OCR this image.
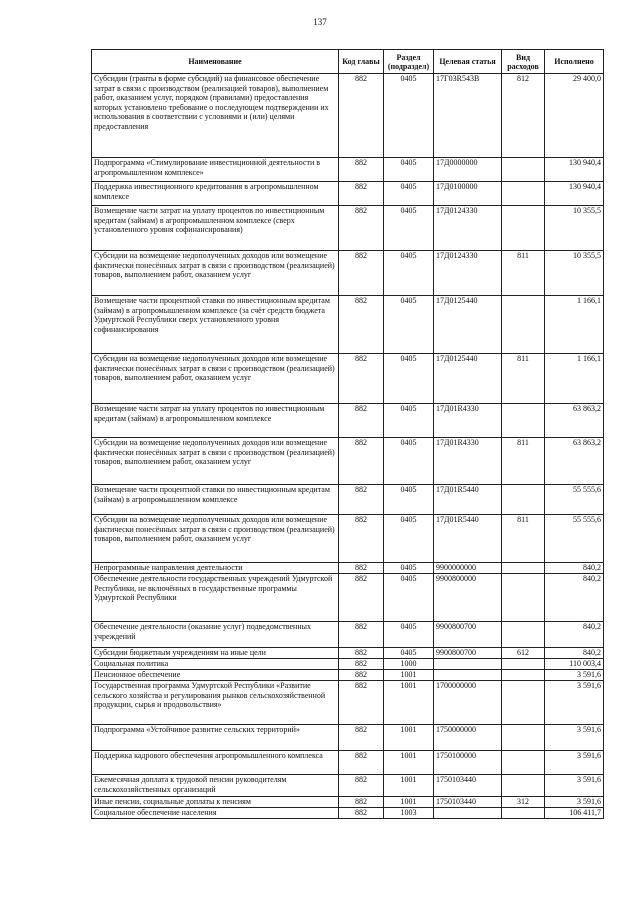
137
Наименование	Код главы	Раздел (подраздел)	Целевая статья	Вид расходов	Исполнено
Субсидии (гранты в форме субсидий) на финансовое обеспечение затрат в связи с производством (реализацией товаров), выполнением работ, оказанием услуг, порядком (правилами) предоставления которых установлено требование о последующем подтверждении их использования в соответствии с условиями и (или) целями предоставления	882	0405	17Г03R543В	812	29 400,0
Подпрограмма «Стимулирование инвестиционной деятельности в агропромышленном комплексе»	882	0405	17Д0000000		130 940,4
Поддержка инвестиционного кредитования в агропромышленном комплексе	882	0405	17Д0100000		130 940,4
Возмещение части затрат на уплату процентов по инвестиционным кредитам (займам) в агропромышленном комплексе (сверх установленного уровня софинансирования)	882	0405	17Д0124330		10 355,5
Субсидии на возмещение недополученных доходов или возмещение фактически понесённых затрат в связи с производством (реализацией) товаров, выполнением работ, оказанием услуг	882	0405	17Д0124330	811	10 355,5
Возмещение части процентной ставки по инвестиционным кредитам (займам) в агропромышленном комплексе (за счёт средств бюджета Удмуртской Республики сверх установленного уровня софинансирования	882	0405	17Д0125440		1 166,1
Субсидии на возмещение недополученных доходов или возмещение фактически понесённых затрат в связи с производством (реализацией) товаров, выполнением работ, оказанием услуг	882	0405	17Д0125440	811	1 166,1
Возмещение части затрат на уплату процентов по инвестиционным кредитам (займам) в агропромышленном комплексе	882	0405	17Д01R4330		63 863,2
Субсидии на возмещение недополученных доходов или возмещение фактически понесённых затрат в связи с производством (реализацией) товаров, выполнением работ, оказанием услуг	882	0405	17Д01R4330	811	63 863,2
Возмещение части процентной ставки по инвестиционным кредитам (займам) в агропромышленном комплексе	882	0405	17Д01R5440		55 555,6
Субсидии на возмещение недополученных доходов или возмещение фактически понесённых затрат в связи с производством (реализацией) товаров, выполнением работ, оказанием услуг	882	0405	17Д01R5440	811	55 555,6
Непрограммные направления деятельности	882	0405	9900000000		840,2
Обеспечение деятельности государственных учреждений Удмуртской Республики, не включённых в государственные программы Удмуртской Республики	882	0405	9900800000		840,2
Обеспечение деятельности (оказание услуг) подведомственных учреждений	882	0405	9900800700		840,2
Субсидии бюджетным учреждениям на иные цели	882	0405	9900800700	612	840,2
Социальная политика	882	1000			110 003,4
Пенсионное обеспечение	882	1001			3 591,6
Государственная программа Удмуртской Республики «Развитие сельского хозяйства и регулирования рынков сельскохозяйственной продукции, сырья и продовольствия»	882	1001	1700000000		3 591,6
Подпрограмма «Устойчивое развитие сельских территорий»	882	1001	1750000000		3 591,6
Поддержка кадрового обеспечения агропромышленного комплекса	882	1001	1750100000		3 591,6
Ежемесячная доплата к трудовой пенсии руководителям сельскохозяйственных организаций	882	1001	1750103440		3 591,6
Иные пенсии, социальные доплаты к пенсиям	882	1001	1750103440	312	3 591,6
Социальное обеспечение населения	882	1003			106 411,7
